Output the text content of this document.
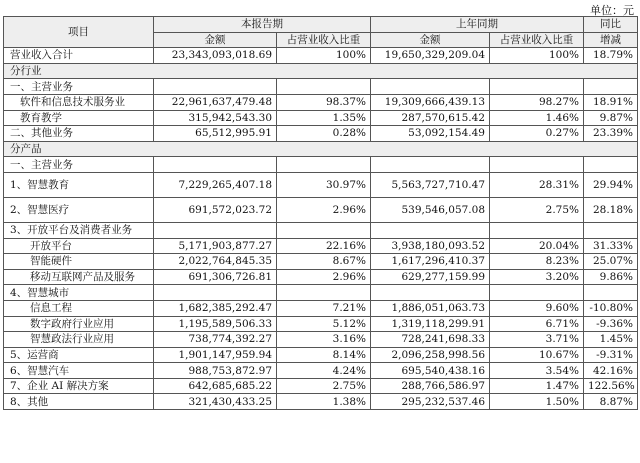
单位：元
项目	本报告期		上年同期		同比
	金额	占营业收入比重	金额	占营业收入比重	增减
营业收入合计	23,343,093,018.69	100%	19,650,329,209.04	100%	18.79%
分行业					
一、主营业务					
软件和信息技术服务业	22,961,637,479.48	98.37%	19,309,666,439.13	98.27%	18.91%
教育教学	315,942,543.30	1.35%	287,570,615.42	1.46%	9.87%
二、其他业务	65,512,995.91	0.28%	53,092,154.49	0.27%	23.39%
分产品					
一、主营业务					
1、智慧教育	7,229,265,407.18	30.97%	5,563,727,710.47	28.31%	29.94%
2、智慧医疗	691,572,023.72	2.96%	539,546,057.08	2.75%	28.18%
3、开放平台及消费者业务					
开放平台	5,171,903,877.27	22.16%	3,938,180,093.52	20.04%	31.33%
智能硬件	2,022,764,845.35	8.67%	1,617,296,410.37	8.23%	25.07%
移动互联网产品及服务	691,306,726.81	2.96%	629,277,159.99	3.20%	9.86%
4、智慧城市					
信息工程	1,682,385,292.47	7.21%	1,886,051,063.73	9.60%	-10.80%
数字政府行业应用	1,195,589,506.33	5.12%	1,319,118,299.91	6.71%	-9.36%
智慧政法行业应用	738,774,392.27	3.16%	728,241,698.33	3.71%	1.45%
5、运营商	1,901,147,959.94	8.14%	2,096,258,998.56	10.67%	-9.31%
6、智慧汽车	988,753,872.97	4.24%	695,540,438.16	3.54%	42.16%
7、企业 AI 解决方案	642,685,685.22	2.75%	288,766,586.97	1.47%	122.56%
8、其他	321,430,433.25	1.38%	295,232,537.46	1.50%	8.87%
